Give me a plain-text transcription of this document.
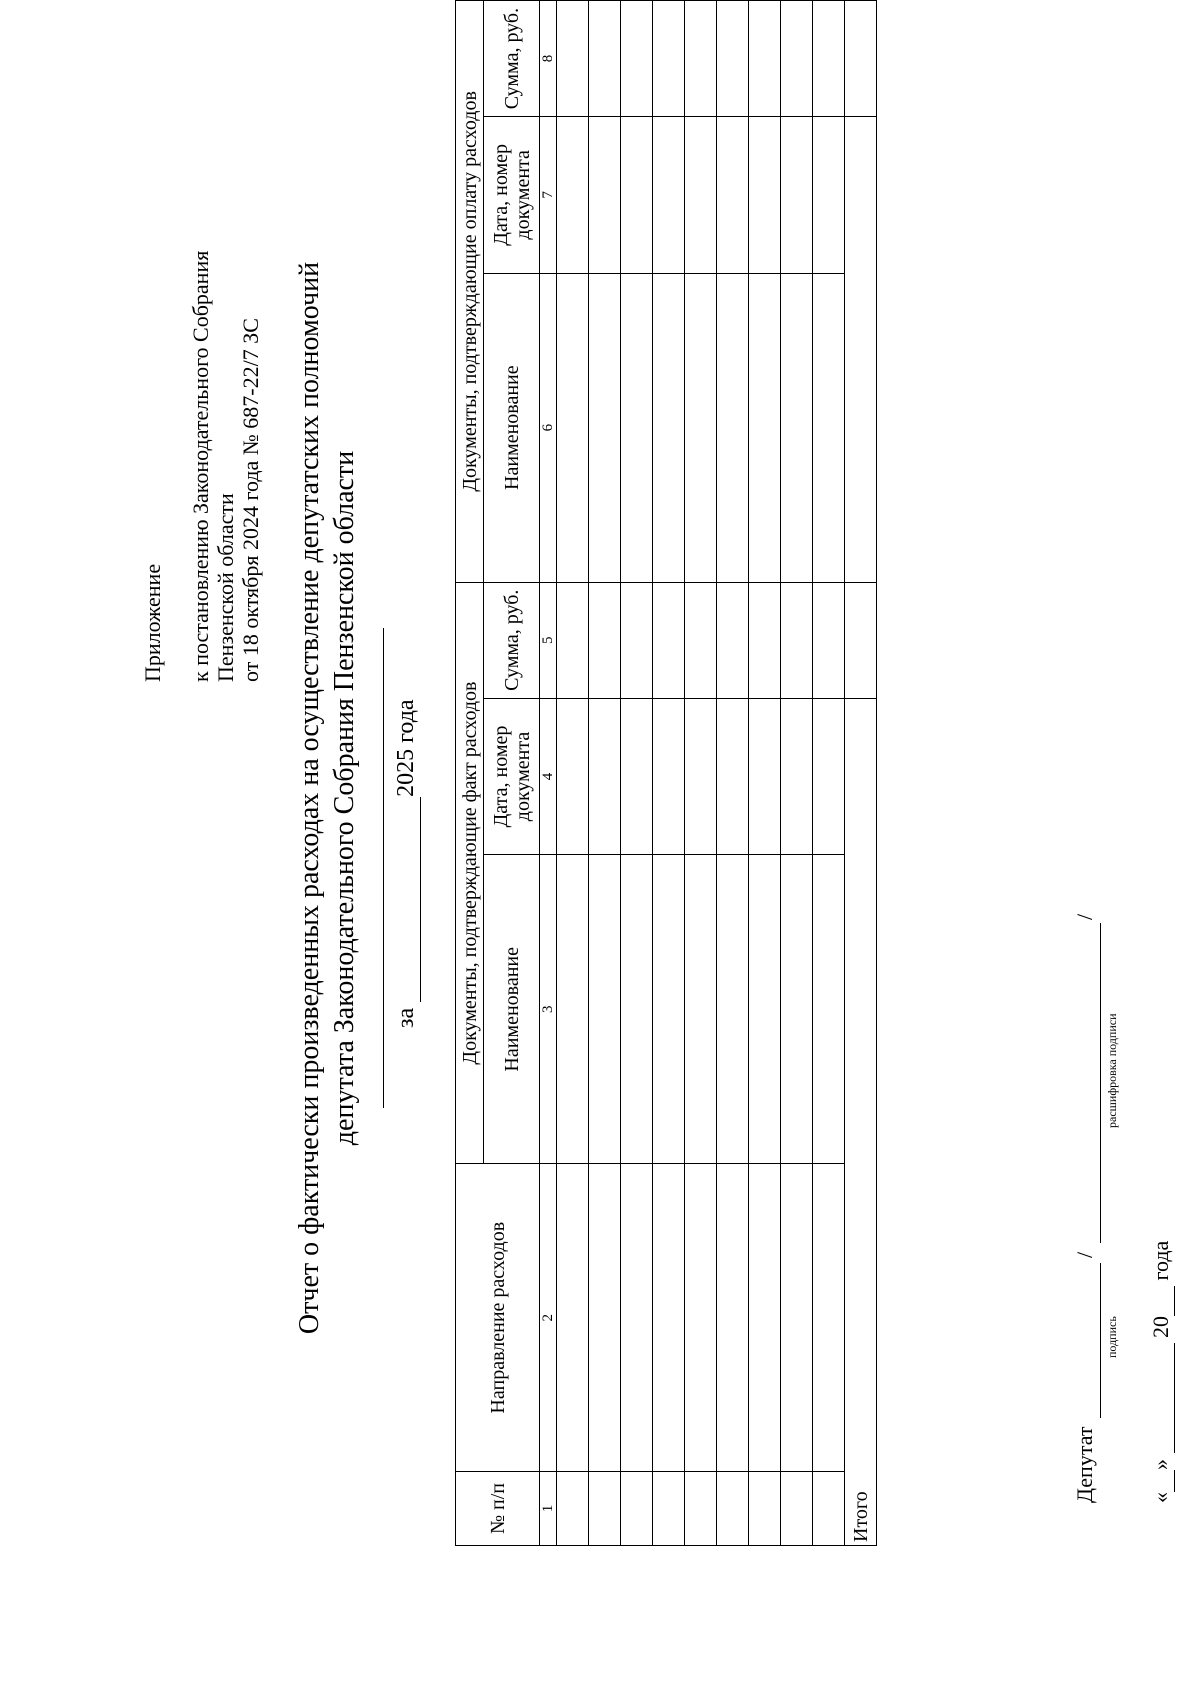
Приложение к постановлению Законодательного Собрания Пензенской области от 18 октября 2024 года № 687-22/7 ЗС Отчет о фактически произведенных расходах на осуществление депутатских полномочий депутата Законодательного Собрания Пензенской области за  2025 года
№ п/п	Направление расходов	Документы, подтверждающие факт расходов			Документы, подтверждающие оплату расходов		
		Наименование	Дата, номер документа	Сумма, руб.	Наименование	Дата, номер документа	Сумма, руб.
1	2	3	4	5	6	7	8

Итого							
Депутат
подпись
/
расшифровка подписи
/
« »   20  года
